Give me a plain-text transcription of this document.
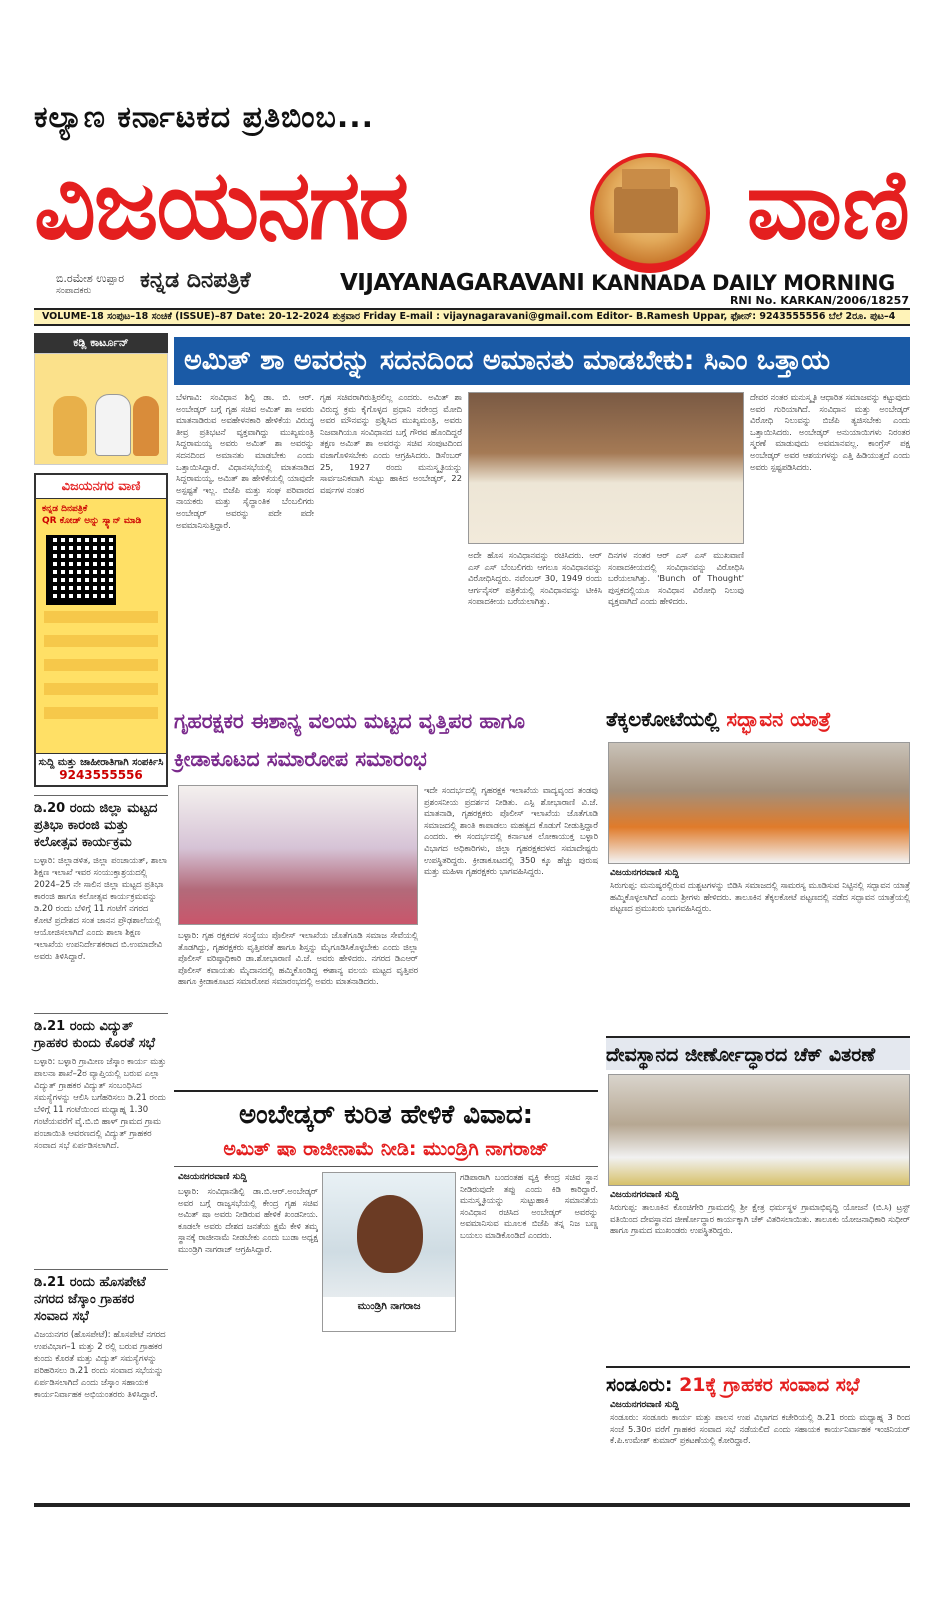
ಕಲ್ಯಾಣ ಕರ್ನಾಟಕದ ಪ್ರತಿಬಿಂಬ...
ವಿಜಯನಗರ	ವಾಣಿ
ಬಿ.ರಮೇಶ ಉಪ್ಪಾರ
ಸಂಪಾದಕರು	ಕನ್ನಡ ದಿನಪತ್ರಿಕೆ	VIJAYANAGARAVANI KANNADA DAILY MORNING
RNI No. KARKAN/2006/18257
VOLUME-18 ಸಂಪುಟ–18 ಸಂಚಿಕೆ (ISSUE)–87 Date: 20-12-2024 ಶುಕ್ರವಾರ Friday E-mail : vijaynagaravani@gmail.com Editor- B.Ramesh Uppar, ಫೋನ್: 9243555556 ಬೆಲೆ 2ರೂ. ಪುಟ–4
ಕಡ್ಲಿ ಕಾರ್ಟೂನ್
ವಿಜಯನಗರ ವಾಣಿ
ಕನ್ನಡ ದಿನಪತ್ರಿಕೆ
QR ಕೋಡ್ ಅನ್ನು ಸ್ಕ್ಯಾನ್ ಮಾಡಿ
ಸುದ್ದಿ ಮತ್ತು ಜಾಹೀರಾತಿಗಾಗಿ ಸಂಪರ್ಕಿಸಿ
9243555556
ಡಿ.20 ರಂದು ಜಿಲ್ಲಾ ಮಟ್ಟದ ಪ್ರತಿಭಾ ಕಾರಂಜಿ ಮತ್ತು ಕಲೋತ್ಸವ ಕಾರ್ಯಕ್ರಮ

ಬಳ್ಳಾರಿ: ಜಿಲ್ಲಾಡಳಿತ, ಜಿಲ್ಲಾ ಪಂಚಾಯತ್, ಶಾಲಾ ಶಿಕ್ಷಣ ಇಲಾಖೆ ಇವರ ಸಂಯುಕ್ತಾಶ್ರಯದಲ್ಲಿ 2024–25 ನೇ ಸಾಲಿನ ಜಿಲ್ಲಾ ಮಟ್ಟದ ಪ್ರತಿಭಾ ಕಾರಂಜಿ ಹಾಗೂ ಕಲೋತ್ಸವ ಕಾರ್ಯಕ್ರಮವನ್ನು ಡಿ.20 ರಂದು ಬೆಳಿಗ್ಗೆ 11 ಗಂಟೆಗೆ ನಗರದ ಕೋಟೆ ಪ್ರದೇಶದ ಸಂತ ಜಾನನ ಪ್ರೌಢಶಾಲೆಯಲ್ಲಿ ಆಯೋಜಿಸಲಾಗಿದೆ ಎಂದು ಶಾಲಾ ಶಿಕ್ಷಣ ಇಲಾಖೆಯ ಉಪನಿರ್ದೇಶಕರಾದ ಬಿ.ಉಮಾದೇವಿ ಅವರು ತಿಳಿಸಿದ್ದಾರೆ.

ಡಿ.21 ರಂದು ವಿದ್ಯುತ್ ಗ್ರಾಹಕರ ಕುಂದು ಕೊರತೆ ಸಭೆ

ಬಳ್ಳಾರಿ: ಬಳ್ಳಾರಿ ಗ್ರಾಮೀಣ ಜೆಸ್ಕಾಂ ಕಾರ್ಯ ಮತ್ತು ಪಾಲನಾ ಶಾಖೆ–2ರ ವ್ಯಾಪ್ತಿಯಲ್ಲಿ ಬರುವ ಎಲ್ಲಾ ವಿದ್ಯುತ್ ಗ್ರಾಹಕರ ವಿದ್ಯುತ್ ಸಂಬಂಧಿಸಿದ ಸಮಸ್ಯೆಗಳನ್ನು ಆಲಿಸಿ ಬಗೆಹರಿಸಲು ಡಿ.21 ರಂದು ಬೆಳಿಗ್ಗೆ 11 ಗಂಟೆಯಿಂದ ಮಧ್ಯಾಹ್ನ 1.30 ಗಂಟೆಯವರೆಗೆ ವೈ.ಬಿ.ಬಿ ಹಾಳ್ ಗ್ರಾಮದ ಗ್ರಾಮ ಪಂಚಾಯಿತಿ ಆವರಣದಲ್ಲಿ ವಿದ್ಯುತ್ ಗ್ರಾಹಕರ ಸಂವಾದ ಸಭೆ ಏರ್ಪಡಿಸಲಾಗಿದೆ.

ಡಿ.21 ರಂದು ಹೊಸಪೇಟೆ ನಗರದ ಜೆಸ್ಕಾಂ ಗ್ರಾಹಕರ ಸಂವಾದ ಸಭೆ

ವಿಜಯನಗರ (ಹೊಸಪೇಟೆ): ಹೊಸಪೇಟೆ ನಗರದ ಉಪವಿಭಾಗ–1 ಮತ್ತು 2 ರಲ್ಲಿ ಬರುವ ಗ್ರಾಹಕರ ಕುಂದು ಕೊರತೆ ಮತ್ತು ವಿದ್ಯುತ್ ಸಮಸ್ಯೆಗಳನ್ನು ಪರಿಹರಿಸಲು ಡಿ.21 ರಂದು ಸಂವಾದ ಸಭೆಯನ್ನು ಏರ್ಪಡಿಸಲಾಗಿದೆ ಎಂದು ಜೆಸ್ಕಾಂ ಸಹಾಯಕ ಕಾರ್ಯನಿರ್ವಾಹಕ ಅಭಿಯಂತರರು ತಿಳಿಸಿದ್ದಾರೆ.

ಅಮಿತ್ ಶಾ ಅವರನ್ನು ಸದನದಿಂದ ಅಮಾನತು ಮಾಡಬೇಕು: ಸಿಎಂ ಒತ್ತಾಯ
ಬೆಳಗಾವಿ: ಸಂವಿಧಾನ ಶಿಲ್ಪಿ ಡಾ. ಬಿ. ಆರ್. ಅಂಬೇಡ್ಕರ್ ಬಗ್ಗೆ ಗೃಹ ಸಚಿವ ಅಮಿತ್ ಶಾ ಅವರು ಮಾತನಾಡಿರುವ ಅವಹೇಳನಕಾರಿ ಹೇಳಿಕೆಯ ವಿರುದ್ಧ ತೀವ್ರ ಪ್ರತಿಭಟನೆ ವ್ಯಕ್ತವಾಗಿದ್ದು ಮುಖ್ಯಮಂತ್ರಿ ಸಿದ್ದರಾಮಯ್ಯ ಅವರು ಅಮಿತ್ ಶಾ ಅವರನ್ನು ಸದನದಿಂದ ಅಮಾನತು ಮಾಡಬೇಕು ಎಂದು ಒತ್ತಾಯಿಸಿದ್ದಾರೆ. ವಿಧಾನಸಭೆಯಲ್ಲಿ ಮಾತನಾಡಿದ ಸಿದ್ದರಾಮಯ್ಯ, ಅಮಿತ್ ಶಾ ಹೇಳಿಕೆಯಲ್ಲಿ ಯಾವುದೇ ಅಸ್ಪಷ್ಟತೆ ಇಲ್ಲ. ಬಿಜೆಪಿ ಮತ್ತು ಸಂಘ ಪರಿವಾರದ ನಾಯಕರು ಮತ್ತು ಸೈದ್ಧಾಂತಿಕ ಬೆಂಬಲಿಗರು ಅಂಬೇಡ್ಕರ್ ಅವರನ್ನು ಪದೇ ಪದೇ ಅವಮಾನಿಸುತ್ತಿದ್ದಾರೆ.
ಗೃಹ ಸಚಿವರಾಗಿರುತ್ತಿರಲಿಲ್ಲ ಎಂದರು. ಅಮಿತ್ ಶಾ ವಿರುದ್ಧ ಕ್ರಮ ಕೈಗೊಳ್ಳದ ಪ್ರಧಾನಿ ನರೇಂದ್ರ ಮೋದಿ ಅವರ ಮೌನವನ್ನು ಪ್ರಶ್ನಿಸಿದ ಮುಖ್ಯಮಂತ್ರಿ, ಅವರು ನಿಜವಾಗಿಯೂ ಸಂವಿಧಾನದ ಬಗ್ಗೆ ಗೌರವ ಹೊಂದಿದ್ದರೆ ತಕ್ಷಣ ಅಮಿತ್ ಶಾ ಅವರನ್ನು ಸಚಿವ ಸಂಪುಟದಿಂದ ವಜಾಗೊಳಿಸಬೇಕು ಎಂದು ಆಗ್ರಹಿಸಿದರು. ಡಿಸೆಂಬರ್ 25, 1927 ರಂದು ಮನುಸ್ಮೃತಿಯನ್ನು ಸಾರ್ವಜನಿಕವಾಗಿ ಸುಟ್ಟು ಹಾಕಿದ ಅಂಬೇಡ್ಕರ್, 22 ವರ್ಷಗಳ ನಂತರ
ಅದೇ ಹೊಸ ಸಂವಿಧಾನವನ್ನು ರಚಿಸಿದರು. ಆರ್ ಎಸ್ ಎಸ್ ಬೆಂಬಲಿಗರು ಆಗಲೂ ಸಂವಿಧಾನವನ್ನು ವಿರೋಧಿಸಿದ್ದರು. ನವೆಂಬರ್ 30, 1949 ರಂದು ಆರ್ಗನೈಸರ್ ಪತ್ರಿಕೆಯಲ್ಲಿ ಸಂವಿಧಾನವನ್ನು ಟೀಕಿಸಿ ಸಂಪಾದಕೀಯ ಬರೆಯಲಾಗಿತ್ತು.
ದಿನಗಳ ನಂತರ ಆರ್ ಎಸ್ ಎಸ್ ಮುಖವಾಣಿ ಸಂಪಾದಕೀಯದಲ್ಲಿ ಸಂವಿಧಾನವನ್ನು ವಿರೋಧಿಸಿ ಬರೆಯಲಾಗಿತ್ತು. 'Bunch of Thought' ಪುಸ್ತಕದಲ್ಲಿಯೂ ಸಂವಿಧಾನ ವಿರೋಧಿ ನಿಲುವು ವ್ಯಕ್ತವಾಗಿದೆ ಎಂದು ಹೇಳಿದರು.
ದೇವರ ನಂತರ ಮನುಸ್ಮೃತಿ ಆಧಾರಿತ ಸಮಾಜವನ್ನು ಕಟ್ಟುವುದು ಅವರ ಗುರಿಯಾಗಿದೆ. ಸಂವಿಧಾನ ಮತ್ತು ಅಂಬೇಡ್ಕರ್ ವಿರೋಧಿ ನಿಲುವನ್ನು ಬಿಜೆಪಿ ತ್ಯಜಿಸಬೇಕು ಎಂದು ಒತ್ತಾಯಿಸಿದರು. ಅಂಬೇಡ್ಕರ್ ಅನುಯಾಯಿಗಳು ನಿರಂತರ ಸ್ಮರಣೆ ಮಾಡುವುದು ಅವಮಾನವಲ್ಲ. ಕಾಂಗ್ರೆಸ್ ಪಕ್ಷ ಅಂಬೇಡ್ಕರ್ ಅವರ ಆಶಯಗಳನ್ನು ಎತ್ತಿ ಹಿಡಿಯುತ್ತದೆ ಎಂದು ಅವರು ಸ್ಪಷ್ಟಪಡಿಸಿದರು.
ಗೃಹರಕ್ಷಕರ ಈಶಾನ್ಯ ವಲಯ ಮಟ್ಟದ ವೃತ್ತಿಪರ ಹಾಗೂ ಕ್ರೀಡಾಕೂಟದ ಸಮಾರೋಪ ಸಮಾರಂಭ
ಇದೇ ಸಂದರ್ಭದಲ್ಲಿ ಗೃಹರಕ್ಷಕ ಇಲಾಖೆಯ ವಾದ್ಯವೃಂದ ತಂಡವು ಪ್ರಶಂಸನೀಯ ಪ್ರದರ್ಶನ ನೀಡಿತು. ಎಸ್ಪಿ ಶೋಭಾರಾಣಿ ವಿ.ಜೆ. ಮಾತನಾಡಿ, ಗೃಹರಕ್ಷಕರು ಪೊಲೀಸ್ ಇಲಾಖೆಯ ಜೊತೆಗೂಡಿ ಸಮಾಜದಲ್ಲಿ ಶಾಂತಿ ಕಾಪಾಡಲು ಮಹತ್ವದ ಕೊಡುಗೆ ನೀಡುತ್ತಿದ್ದಾರೆ ಎಂದರು. ಈ ಸಂದರ್ಭದಲ್ಲಿ ಕರ್ನಾಟಕ ಲೋಕಾಯುಕ್ತ ಬಳ್ಳಾರಿ ವಿಭಾಗದ ಅಧಿಕಾರಿಗಳು, ಜಿಲ್ಲಾ ಗೃಹರಕ್ಷಕದಳದ ಸಮಾದೇಷ್ಟರು ಉಪಸ್ಥಿತರಿದ್ದರು. ಕ್ರೀಡಾಕೂಟದಲ್ಲಿ 350 ಕ್ಕೂ ಹೆಚ್ಚು ಪುರುಷ ಮತ್ತು ಮಹಿಳಾ ಗೃಹರಕ್ಷಕರು ಭಾಗವಹಿಸಿದ್ದರು.
ಬಳ್ಳಾರಿ: ಗೃಹ ರಕ್ಷಕದಳ ಸಂಸ್ಥೆಯು ಪೊಲೀಸ್ ಇಲಾಖೆಯ ಜೊತೆಗೂಡಿ ಸಮಾಜ ಸೇವೆಯಲ್ಲಿ ತೊಡಗಿದ್ದು, ಗೃಹರಕ್ಷಕರು ವೃತ್ತಿಪರತೆ ಹಾಗೂ ಶಿಸ್ತನ್ನು ಮೈಗೂಡಿಸಿಕೊಳ್ಳಬೇಕು ಎಂದು ಜಿಲ್ಲಾ ಪೊಲೀಸ್ ವರಿಷ್ಠಾಧಿಕಾರಿ ಡಾ.ಶೋಭಾರಾಣಿ ವಿ.ಜೆ. ಅವರು ಹೇಳಿದರು. ನಗರದ ಡಿಎಆರ್ ಪೊಲೀಸ್ ಕವಾಯತು ಮೈದಾನದಲ್ಲಿ ಹಮ್ಮಿಕೊಂಡಿದ್ದ ಈಶಾನ್ಯ ವಲಯ ಮಟ್ಟದ ವೃತ್ತಿಪರ ಹಾಗೂ ಕ್ರೀಡಾಕೂಟದ ಸಮಾರೋಪ ಸಮಾರಂಭದಲ್ಲಿ ಅವರು ಮಾತನಾಡಿದರು.
ಅಂಬೇಡ್ಕರ್ ಕುರಿತ ಹೇಳಿಕೆ ವಿವಾದ:
ಅಮಿತ್ ಷಾ ರಾಜೀನಾಮೆ ನೀಡಿ: ಮುಂಡ್ರಿಗಿ ನಾಗರಾಜ್
ವಿಜಯನಗರವಾಣಿ ಸುದ್ದಿ
ಬಳ್ಳಾರಿ: ಸಂವಿಧಾನಶಿಲ್ಪಿ ಡಾ.ಬಿ.ಆರ್.ಅಂಬೇಡ್ಕರ್ ಅವರ ಬಗ್ಗೆ ರಾಜ್ಯಸಭೆಯಲ್ಲಿ ಕೇಂದ್ರ ಗೃಹ ಸಚಿವ ಅಮಿತ್ ಷಾ ಅವರು ನೀಡಿರುವ ಹೇಳಿಕೆ ಖಂಡನೀಯ. ಕೂಡಲೇ ಅವರು ದೇಶದ ಜನತೆಯ ಕ್ಷಮೆ ಕೇಳಿ ತಮ್ಮ ಸ್ಥಾನಕ್ಕೆ ರಾಜೀನಾಮೆ ನೀಡಬೇಕು ಎಂದು ಬುಡಾ ಅಧ್ಯಕ್ಷ ಮುಂಡ್ರಿಗಿ ನಾಗರಾಜ್ ಆಗ್ರಹಿಸಿದ್ದಾರೆ.
ಮುಂಡ್ರಿಗಿ ನಾಗರಾಜ
ಗಡಿಪಾರಾಗಿ ಬಂದಂತಹ ವ್ಯಕ್ತಿ ಕೇಂದ್ರ ಸಚಿವ ಸ್ಥಾನ ನೀಡಿರುವುದೇ ತಪ್ಪು ಎಂದು ಕಿಡಿ ಕಾರಿದ್ದಾರೆ. ಮನುಸ್ಮೃತಿಯನ್ನು ಸುಟ್ಟುಹಾಕಿ ಸಮಾನತೆಯ ಸಂವಿಧಾನ ರಚಿಸಿದ ಅಂಬೇಡ್ಕರ್ ಅವರನ್ನು ಅವಮಾನಿಸುವ ಮೂಲಕ ಬಿಜೆಪಿ ತನ್ನ ನಿಜ ಬಣ್ಣ ಬಯಲು ಮಾಡಿಕೊಂಡಿದೆ ಎಂದರು.
ತೆಕ್ಕಲಕೋಟೆಯಲ್ಲಿ ಸದ್ಭಾವನ ಯಾತ್ರೆ
ವಿಜಯನಗರವಾಣಿ ಸುದ್ದಿ
ಸಿರುಗುಪ್ಪ: ಮನುಷ್ಯರಲ್ಲಿರುವ ದುಶ್ಚಟಗಳನ್ನು ಬಿಡಿಸಿ ಸಮಾಜದಲ್ಲಿ ಸಾಮರಸ್ಯ ಮೂಡಿಸುವ ನಿಟ್ಟಿನಲ್ಲಿ ಸದ್ಭಾವನ ಯಾತ್ರೆ ಹಮ್ಮಿಕೊಳ್ಳಲಾಗಿದೆ ಎಂದು ಶ್ರೀಗಳು ಹೇಳಿದರು. ತಾಲೂಕಿನ ತೆಕ್ಕಲಕೋಟೆ ಪಟ್ಟಣದಲ್ಲಿ ನಡೆದ ಸದ್ಭಾವನ ಯಾತ್ರೆಯಲ್ಲಿ ಪಟ್ಟಣದ ಪ್ರಮುಖರು ಭಾಗವಹಿಸಿದ್ದರು.
ದೇವಸ್ಥಾನದ ಜೀರ್ಣೋದ್ಧಾರದ ಚೆಕ್ ವಿತರಣೆ
ವಿಜಯನಗರವಾಣಿ ಸುದ್ದಿ
ಸಿರುಗುಪ್ಪ: ತಾಲೂಕಿನ ಕೊಂಚಿಗೇರಿ ಗ್ರಾಮದಲ್ಲಿ ಶ್ರೀ ಕ್ಷೇತ್ರ ಧರ್ಮಸ್ಥಳ ಗ್ರಾಮಾಭಿವೃದ್ಧಿ ಯೋಜನೆ (ಬಿ.ಸಿ) ಟ್ರಸ್ಟ್ ವತಿಯಿಂದ ದೇವಸ್ಥಾನದ ಜೀರ್ಣೋದ್ಧಾರ ಕಾರ್ಯಕ್ಕಾಗಿ ಚೆಕ್ ವಿತರಿಸಲಾಯಿತು. ತಾಲೂಕು ಯೋಜನಾಧಿಕಾರಿ ಸುಧೀರ್ ಹಾಗೂ ಗ್ರಾಮದ ಮುಖಂಡರು ಉಪಸ್ಥಿತರಿದ್ದರು.
ಸಂಡೂರು: 21ಕ್ಕೆ ಗ್ರಾಹಕರ ಸಂವಾದ ಸಭೆ
ವಿಜಯನಗರವಾಣಿ ಸುದ್ದಿ
ಸಂಡೂರು: ಸಂಡೂರು ಕಾರ್ಯ ಮತ್ತು ಪಾಲನ ಉಪ ವಿಭಾಗದ ಕಚೇರಿಯಲ್ಲಿ ಡಿ.21 ರಂದು ಮಧ್ಯಾಹ್ನ 3 ರಿಂದ ಸಂಜೆ 5.30ರ ವರೆಗೆ ಗ್ರಾಹಕರ ಸಂವಾದ ಸಭೆ ನಡೆಯಲಿದೆ ಎಂದು ಸಹಾಯಕ ಕಾರ್ಯನಿರ್ವಾಹಕ ಇಂಜಿನಿಯರ್ ಕೆ.ಪಿ.ಉಮೇಶ್ ಕುಮಾರ್ ಪ್ರಕಟಣೆಯಲ್ಲಿ ಕೋರಿದ್ದಾರೆ.
